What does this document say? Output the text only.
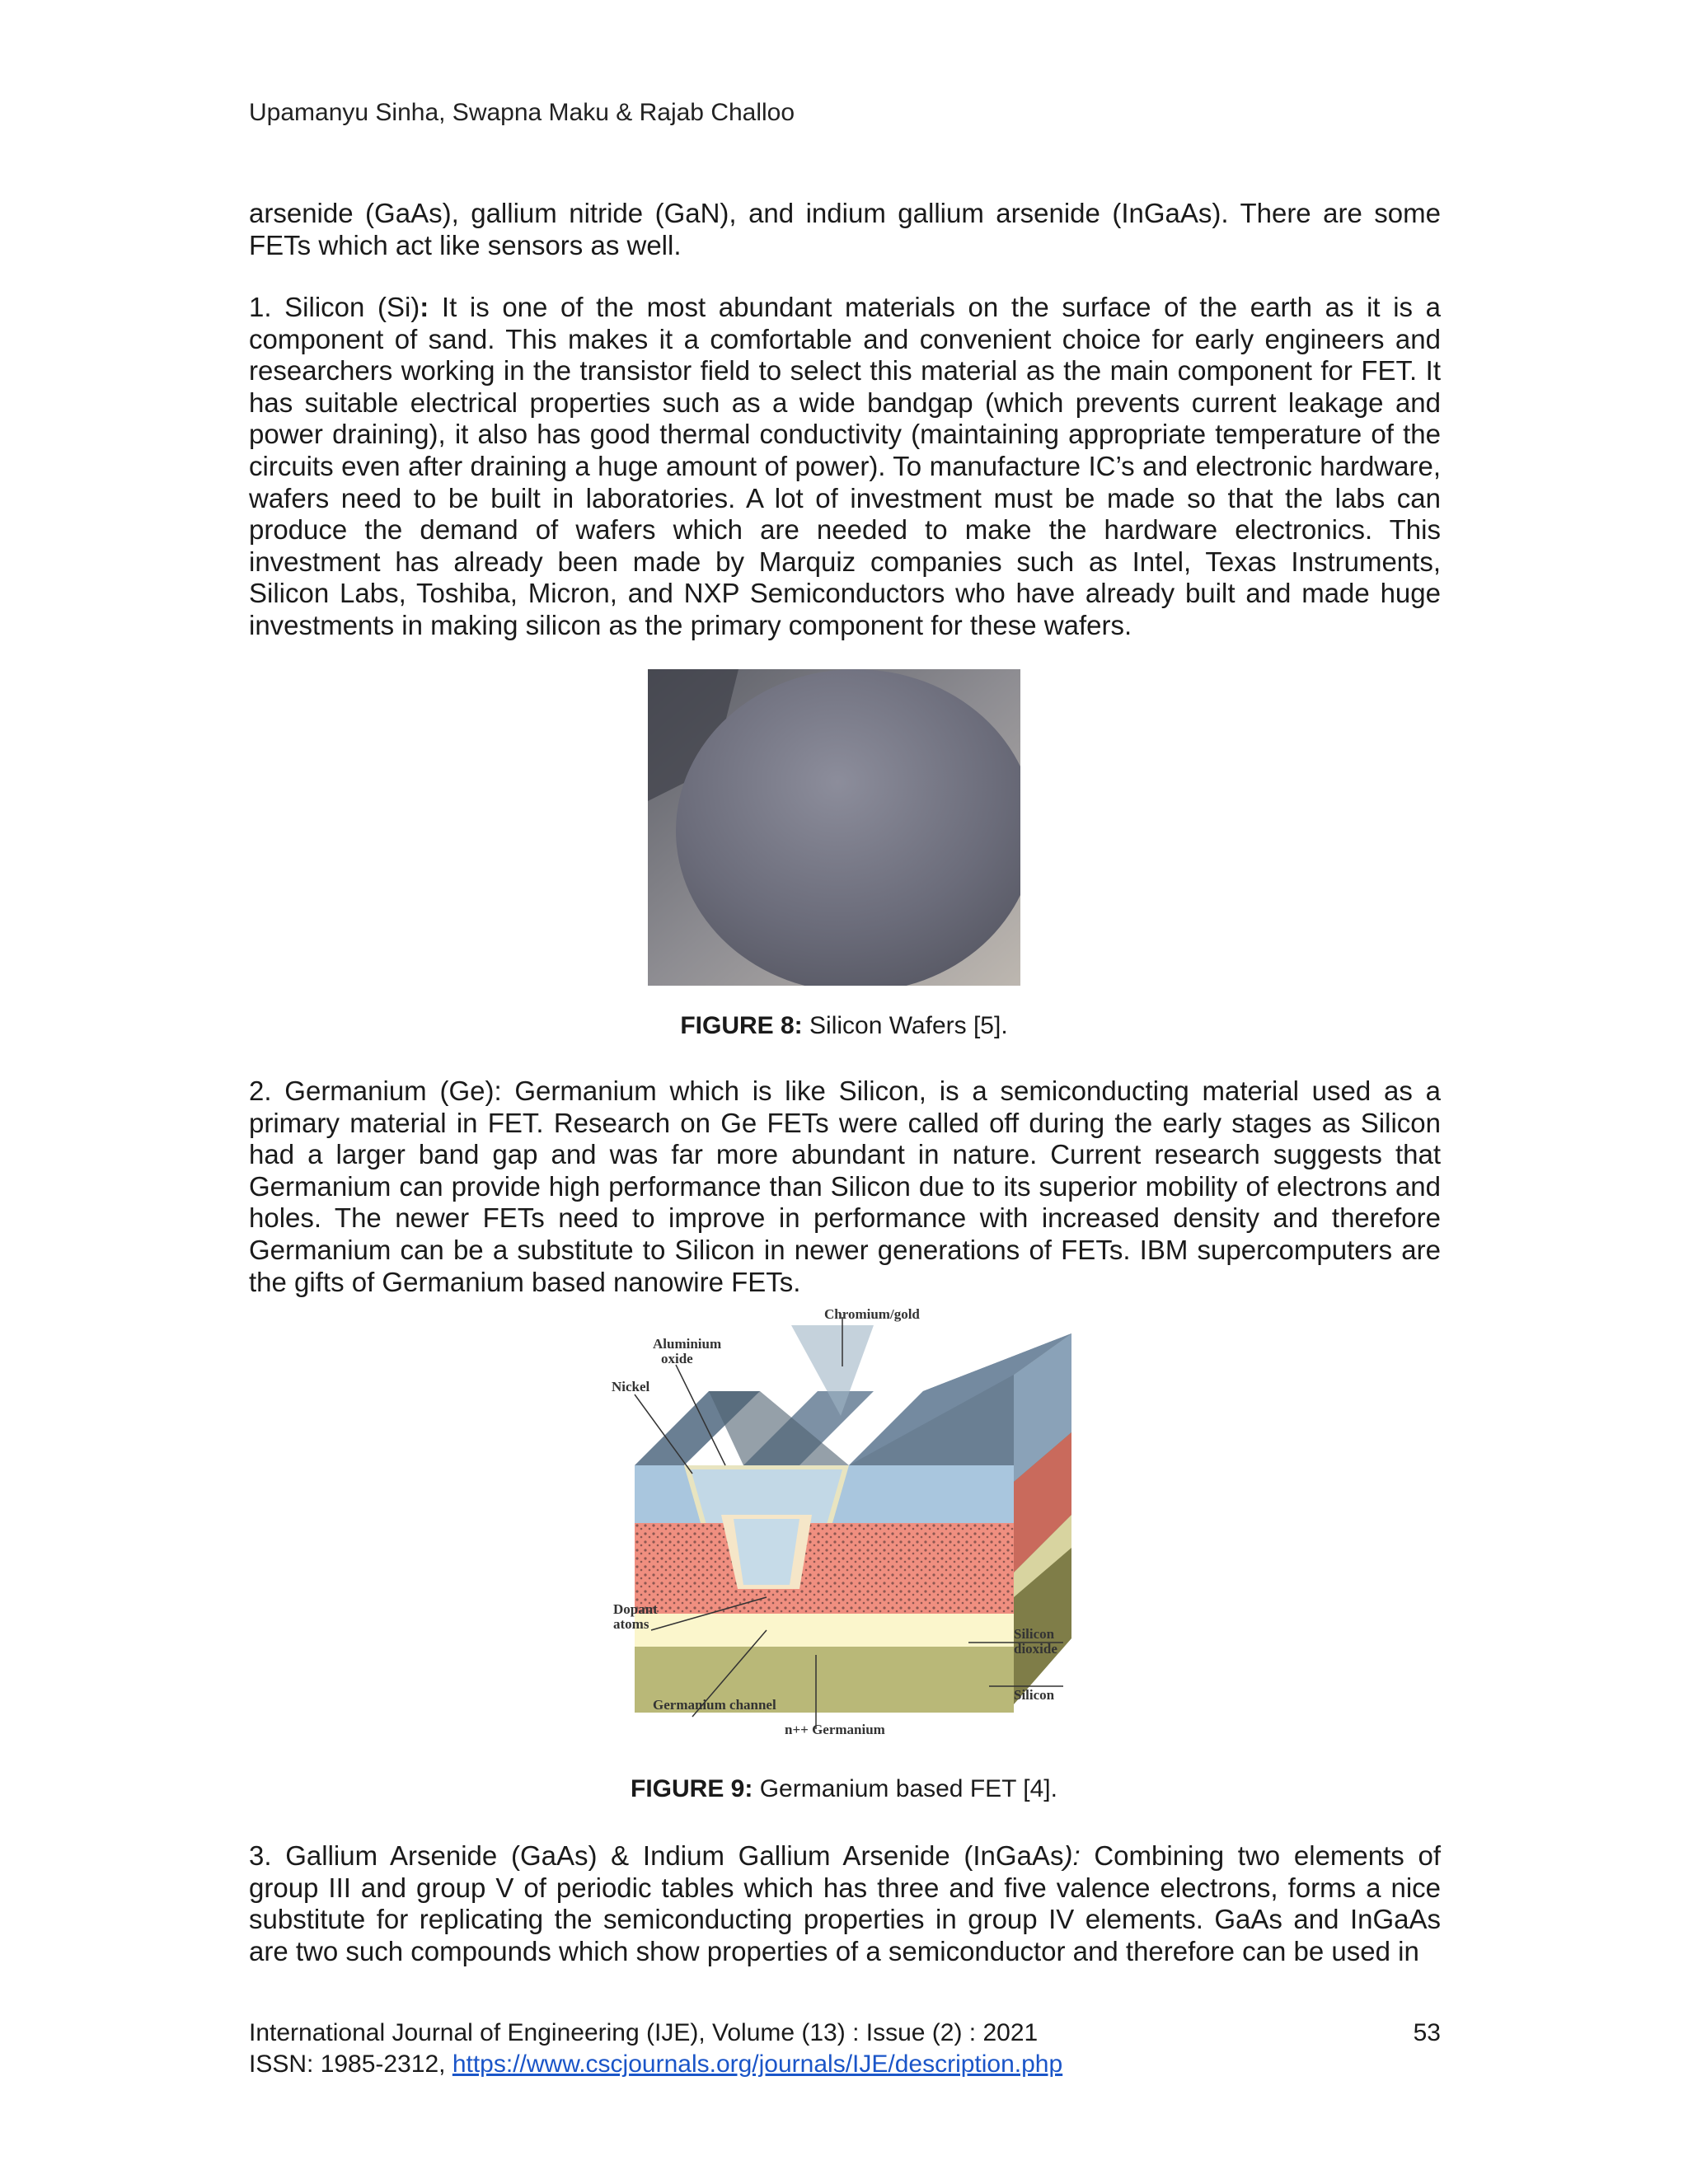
Upamanyu Sinha, Swapna Maku & Rajab Challoo

arsenide (GaAs), gallium nitride (GaN), and indium gallium arsenide (InGaAs). There are some FETs which act like sensors as well.

1. Silicon (Si): It is one of the most abundant materials on the surface of the earth as it is a component of sand. This makes it a comfortable and convenient choice for early engineers and researchers working in the transistor field to select this material as the main component for FET. It has suitable electrical properties such as a wide bandgap (which prevents current leakage and power draining), it also has good thermal conductivity (maintaining appropriate temperature of the circuits even after draining a huge amount of power). To manufacture IC’s and electronic hardware, wafers need to be built in laboratories. A lot of investment must be made so that the labs can produce the demand of wafers which are needed to make the hardware electronics. This investment has already been made by Marquiz companies such as Intel, Texas Instruments, Silicon Labs, Toshiba, Micron, and NXP Semiconductors who have already built and made huge investments in making silicon as the primary component for these wafers.

FIGURE 8: Silicon Wafers [5].

2. Germanium (Ge): Germanium which is like Silicon, is a semiconducting material used as a primary material in FET. Research on Ge FETs were called off during the early stages as Silicon had a larger band gap and was far more abundant in nature. Current research suggests that Germanium can provide high performance than Silicon due to its superior mobility of electrons and holes. The newer FETs need to improve in performance with increased density and therefore Germanium can be a substitute to Silicon in newer generations of FETs. IBM supercomputers are the gifts of Germanium based nanowire FETs.

Chromium/gold
Aluminium
oxide
Nickel
Dopant
atoms
Silicon
dioxide
Silicon
Germanium channel
n++ Germanium
FIGURE 9: Germanium based FET [4].

3. Gallium Arsenide (GaAs) & Indium Gallium Arsenide (InGaAs): Combining two elements of group III and group V of periodic tables which has three and five valence electrons, forms a nice substitute for replicating the semiconducting properties in group IV elements. GaAs and InGaAs are two such compounds which show properties of a semiconductor and therefore can be used in

International Journal of Engineering (IJE), Volume (13) : Issue (2) : 2021
ISSN: 1985-2312, https://www.cscjournals.org/journals/IJE/description.php
53
